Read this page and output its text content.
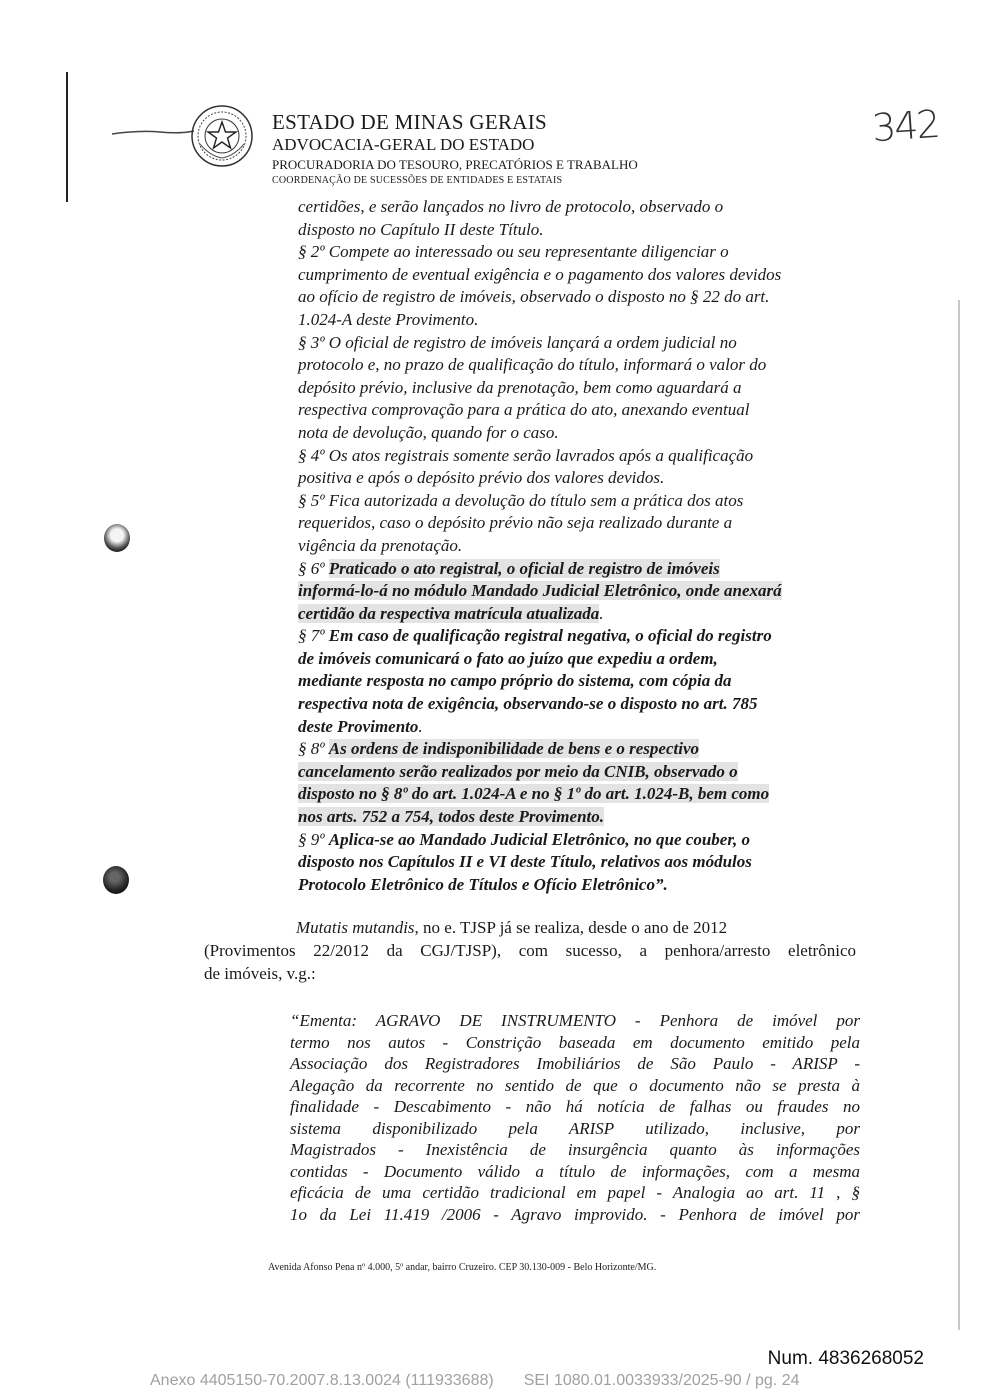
ESTADO DE MINAS GERAIS
ADVOCACIA-GERAL DO ESTADO
PROCURADORIA DO TESOURO, PRECATÓRIOS E TRABALHO
COORDENAÇÃO DE SUCESSÕES DE ENTIDADES E ESTATAIS
342

certidões, e serão lançados no livro de protocolo, observado o

disposto no Capítulo II deste Título.

§ 2º Compete ao interessado ou seu representante diligenciar o

cumprimento de eventual exigência e o pagamento dos valores devidos

ao ofício de registro de imóveis, observado o disposto no § 22 do art.

1.024-A deste Provimento.

§ 3º O oficial de registro de imóveis lançará a ordem judicial no

protocolo e, no prazo de qualificação do título, informará o valor do

depósito prévio, inclusive da prenotação, bem como aguardará a

respectiva comprovação para a prática do ato, anexando eventual

nota de devolução, quando for o caso.

§ 4º Os atos registrais somente serão lavrados após a qualificação

positiva e após o depósito prévio dos valores devidos.

§ 5º Fica autorizada a devolução do título sem a prática dos atos

requeridos, caso o depósito prévio não seja realizado durante a

vigência da prenotação.

§ 6º Praticado o ato registral, o oficial de registro de imóveis

informá-lo-á no módulo Mandado Judicial Eletrônico, onde anexará

certidão da respectiva matrícula atualizada.

§ 7º Em caso de qualificação registral negativa, o oficial do registro

de imóveis comunicará o fato ao juízo que expediu a ordem,

mediante resposta no campo próprio do sistema, com cópia da

respectiva nota de exigência, observando-se o disposto no art. 785

deste Provimento.

§ 8º As ordens de indisponibilidade de bens e o respectivo

cancelamento serão realizados por meio da CNIB, observado o

disposto no § 8º do art. 1.024-A e no § 1º do art. 1.024-B, bem como

nos arts. 752 a 754, todos deste Provimento.

§ 9º Aplica-se ao Mandado Judicial Eletrônico, no que couber, o

disposto nos Capítulos II e VI deste Título, relativos aos módulos

Protocolo Eletrônico de Títulos e Ofício Eletrônico”.

Mutatis mutandis, no e. TJSP já se realiza, desde o ano de 2012
(Provimentos 22/2012 da CGJ/TJSP), com sucesso, a penhora/arresto eletrônico
de imóveis, v.g.:
“Ementa: AGRAVO DE INSTRUMENTO - Penhora de imóvel por
termo nos autos - Constrição baseada em documento emitido pela
Associação dos Registradores Imobiliários de São Paulo - ARISP -
Alegação da recorrente no sentido de que o documento não se presta à
finalidade - Descabimento - não há notícia de falhas ou fraudes no
sistema disponibilizado pela ARISP utilizado, inclusive, por
Magistrados - Inexistência de insurgência quanto às informações
contidas - Documento válido a título de informações, com a mesma
eficácia de uma certidão tradicional em papel - Analogia ao art. 11 , §
1o da Lei 11.419 /2006 - Agravo improvido. - Penhora de imóvel por
Avenida Afonso Pena nº 4.000, 5º andar, bairro Cruzeiro. CEP 30.130-009 - Belo Horizonte/MG.
Num. 4836268052
Anexo 4405150-70.2007.8.13.0024 (111933688) SEI 1080.01.0033933/2025-90 / pg. 24
